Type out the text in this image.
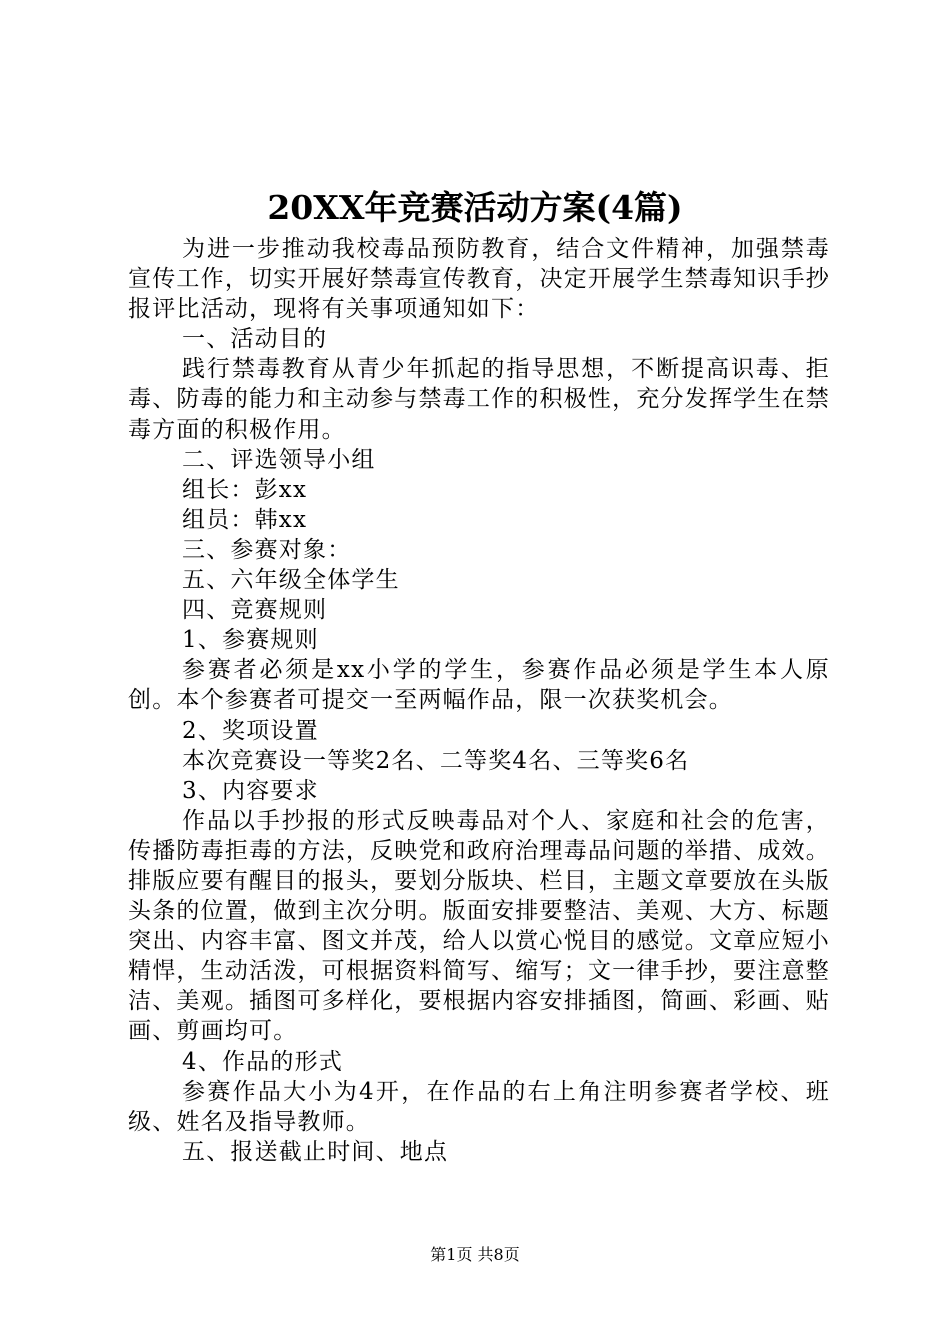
20XX年竞赛活动方案(4篇)

为进一步推动我校毒品预防教育，结合文件精神，加强禁毒宣传工作，切实开展好禁毒宣传教育，决定开展学生禁毒知识手抄报评比活动，现将有关事项通知如下：

一、活动目的

践行禁毒教育从青少年抓起的指导思想，不断提高识毒、拒毒、防毒的能力和主动参与禁毒工作的积极性，充分发挥学生在禁毒方面的积极作用。

二、评选领导小组

组长：彭xx

组员：韩xx

三、参赛对象：

五、六年级全体学生

四、竞赛规则

1、参赛规则

参赛者必须是xx小学的学生，参赛作品必须是学生本人原创。本个参赛者可提交一至两幅作品，限一次获奖机会。

2、奖项设置

本次竞赛设一等奖2名、二等奖4名、三等奖6名

3、内容要求

作品以手抄报的形式反映毒品对个人、家庭和社会的危害，传播防毒拒毒的方法，反映党和政府治理毒品问题的举措、成效。排版应要有醒目的报头，要划分版块、栏目，主题文章要放在头版头条的位置，做到主次分明。版面安排要整洁、美观、大方、标题突出、内容丰富、图文并茂，给人以赏心悦目的感觉。文章应短小精悍，生动活泼，可根据资料简写、缩写；文一律手抄，要注意整洁、美观。插图可多样化，要根据内容安排插图，简画、彩画、贴画、剪画均可。

4、作品的形式

参赛作品大小为4开，在作品的右上角注明参赛者学校、班级、姓名及指导教师。

五、报送截止时间、地点

第1页 共8页
